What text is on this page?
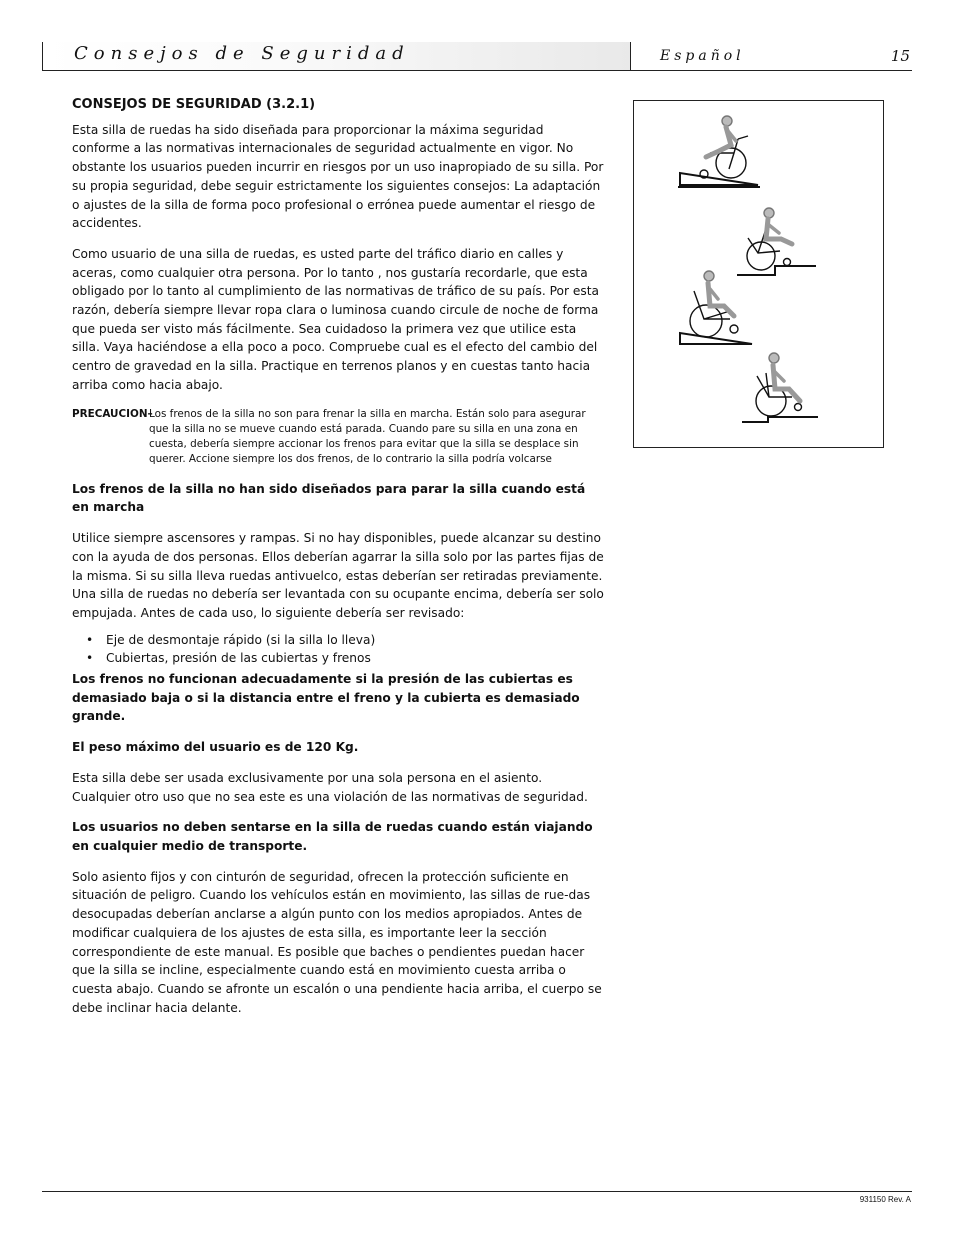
Consejos de Seguridad	Español	15

CONSEJOS DE SEGURIDAD (3.2.1)

Esta silla de ruedas ha sido diseñada para proporcionar la máxima seguridad conforme a las normativas internacionales de seguridad actualmente en vigor. No obstante los usuarios pueden incurrir en riesgos por un uso inapropiado de su silla. Por su propia seguridad, debe seguir estrictamente los siguientes consejos: La adaptación o ajustes de la silla de forma poco profesional o errónea puede aumentar el riesgo de accidentes.

Como usuario de una silla de ruedas, es usted parte del tráfico diario en calles y aceras, como cualquier otra persona. Por lo tanto , nos gustaría recordarle, que esta obligado por lo tanto al cumplimiento de las normativas de tráfico de su país. Por esta razón, debería siempre llevar ropa clara o luminosa cuando circule de noche de forma que pueda ser visto más fácilmente. Sea cuidadoso la primera vez que utilice esta silla. Vaya haciéndose a ella poco a poco. Compruebe cual es el efecto del cambio del centro de gravedad en la silla. Practique en terrenos planos y en cuestas tanto hacia arriba como hacia abajo.

PRECAUCION–
Los frenos de la silla no son para frenar la silla en marcha. Están solo para asegurar que la silla no se mueve cuando está parada. Cuando pare su silla en una zona en cuesta, debería siempre accionar los frenos para evitar que la silla se desplace sin querer. Accione siempre los dos frenos, de lo contrario la silla podría volcarse

Los frenos de la silla no han sido diseñados para parar la silla cuando está en marcha

Utilice siempre ascensores y rampas. Si no hay disponibles, puede alcanzar su destino con la ayuda de dos personas. Ellos deberían agarrar la silla solo por las partes fijas de la misma. Si su silla lleva ruedas antivuelco, estas deberían ser retiradas previamente. Una silla de ruedas no debería ser levantada con su ocupante encima, debería ser solo empujada. Antes de cada uso, lo siguiente debería ser revisado:

• Eje de desmontaje rápido (si la silla lo lleva)
• Cubiertas, presión de las cubiertas y frenos

Los frenos no funcionan adecuadamente si la presión de las cubiertas es demasiado baja o si la distancia entre el freno y la cubierta es demasiado grande.

El peso máximo del usuario es de 120 Kg.

Esta silla debe ser usada exclusivamente por una sola persona en el asiento. Cualquier otro uso que no sea este es una violación de las normativas de seguridad.

Los usuarios no deben sentarse en la silla de ruedas cuando están viajando en cualquier medio de transporte.

Solo asiento fijos y con cinturón de seguridad, ofrecen la protección suficiente en situación de peligro. Cuando los vehículos están en movimiento, las sillas de rue-das desocupadas deberían anclarse a algún punto con los medios apropiados. Antes de modificar cualquiera de los ajustes de esta silla, es importante leer la sección correspondiente de este manual. Es posible que baches o pendientes puedan hacer que la silla se incline, especialmente cuando está en movimiento cuesta arriba o cuesta abajo. Cuando se afronte un escalón o una pendiente hacia arriba, el cuerpo se debe inclinar hacia delante.

931150 Rev. A
